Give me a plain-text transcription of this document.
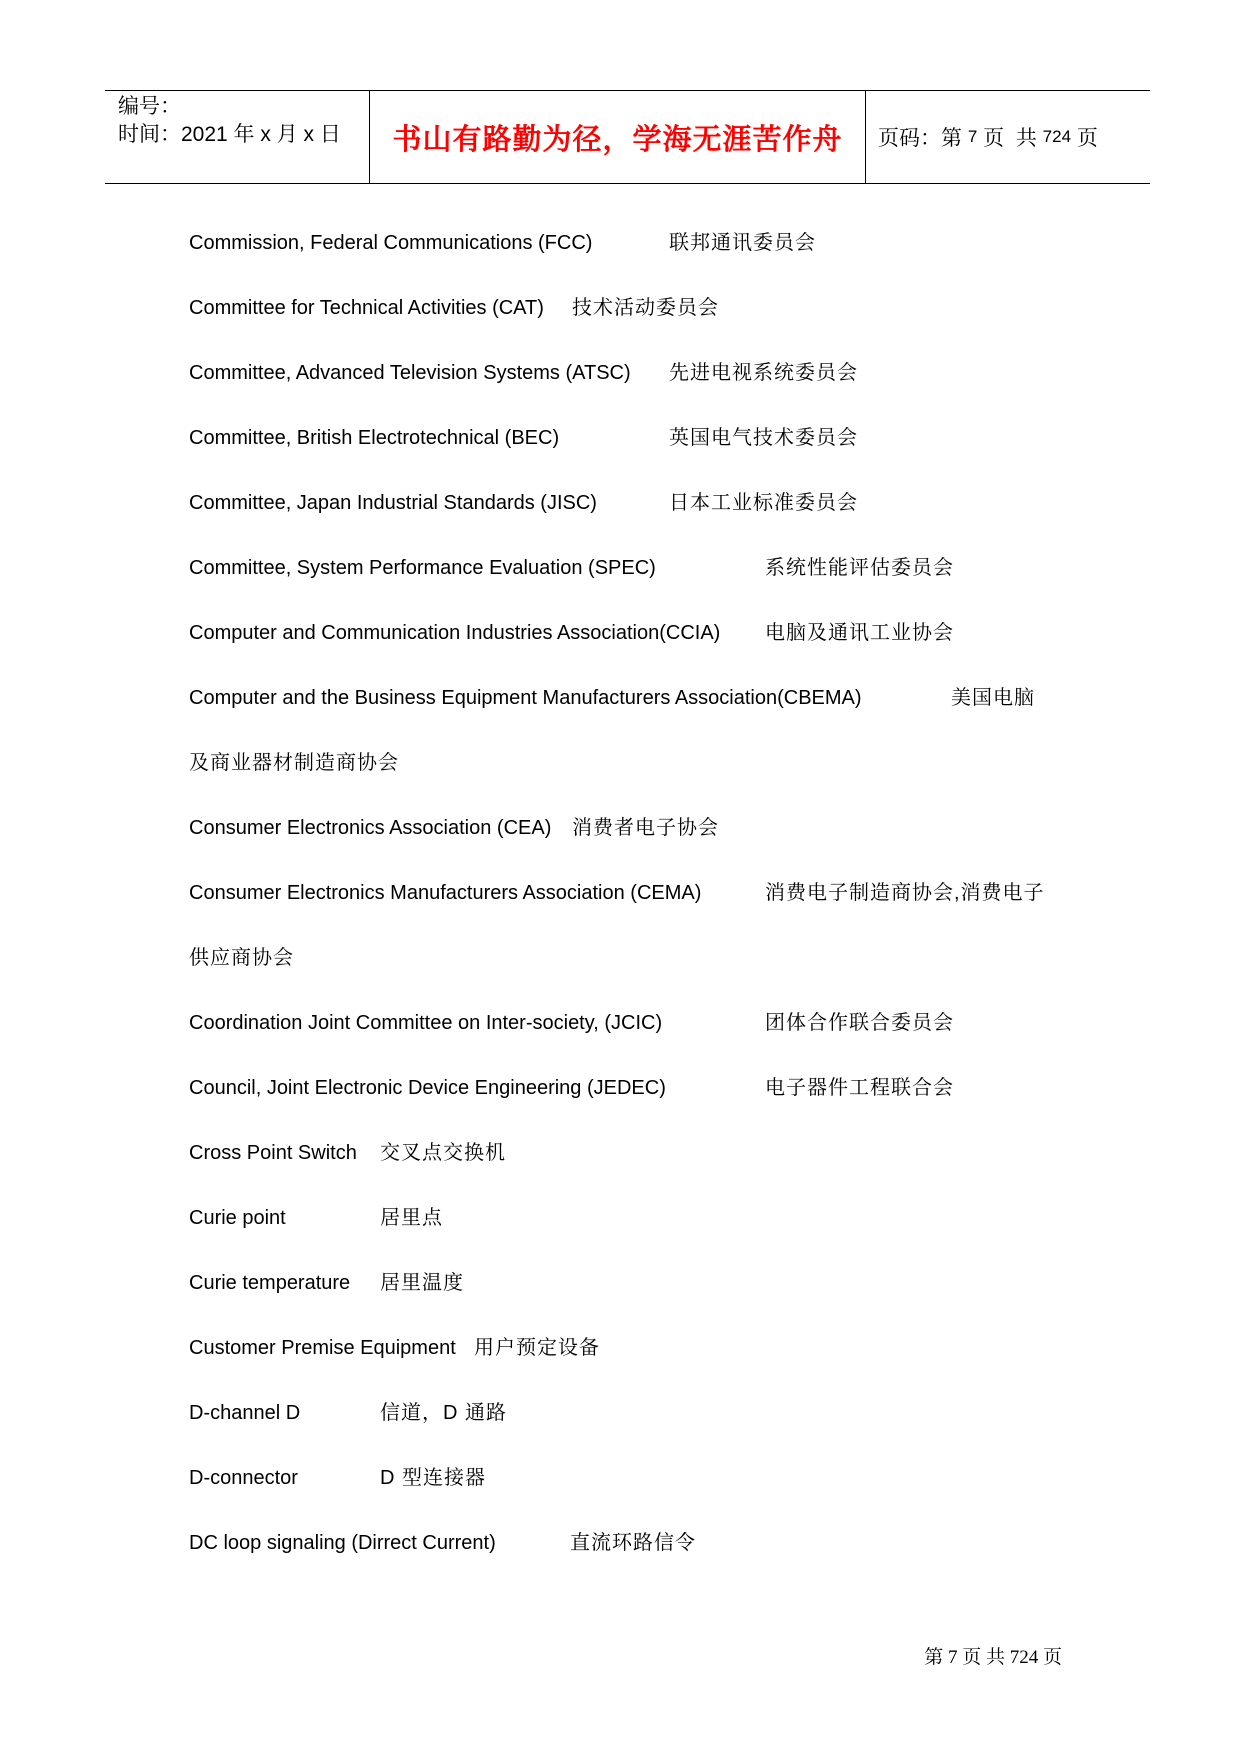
编号：
时间：2021 年 x 月 x 日	书山有路勤为径，学海无涯苦作舟	页码：第 7 页  共 724 页
Commission, Federal Communications (FCC)	联邦通讯委员会
Committee for Technical Activities (CAT) 技术活动委员会
Committee, Advanced Television Systems (ATSC) 先进电视系统委员会
Committee, British Electrotechnical (BEC)	英国电气技术委员会
Committee, Japan Industrial Standards (JISC)	日本工业标准委员会
Committee, System Performance Evaluation (SPEC)	系统性能评估委员会
Computer and Communication Industries Association(CCIA) 电脑及通讯工业协会
Computer and the Business Equipment Manufacturers Association(CBEMA)	美国电脑
及商业器材制造商协会
Consumer Electronics Association (CEA) 消费者电子协会
Consumer Electronics Manufacturers Association (CEMA)	消费电子制造商协会,消费电子
供应商协会
Coordination Joint Committee on Inter-society, (JCIC)	团体合作联合委员会
Council, Joint Electronic Device Engineering (JEDEC)	电子器件工程联合会
Cross Point Switch 交叉点交换机
Curie point	居里点
Curie temperature 居里温度
Customer Premise Equipment 用户预定设备
D-channel D	信道，D 通路
D-connector	D 型连接器
DC loop signaling (Dirrect Current)	直流环路信令
第 7 页 共 724 页
